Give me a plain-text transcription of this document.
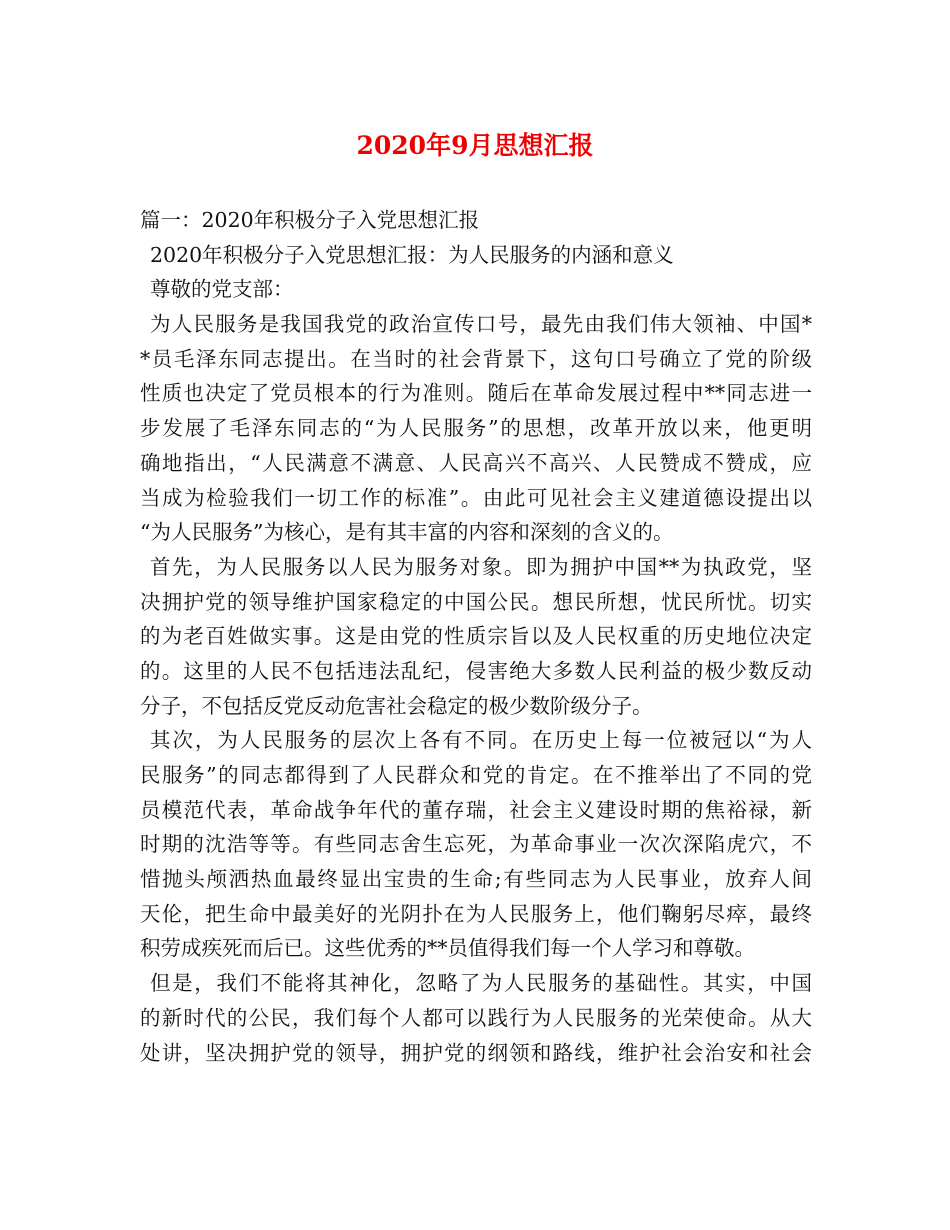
2020年9月思想汇报
篇一：2020年积极分子入党思想汇报
2020年积极分子入党思想汇报：为人民服务的内涵和意义
尊敬的党支部：
为人民服务是我国我党的政治宣传口号，最先由我们伟大领袖、中国*
*员毛泽东同志提出。在当时的社会背景下，这句口号确立了党的阶级
性质也决定了党员根本的行为准则。随后在革命发展过程中**同志进一
步发展了毛泽东同志的“为人民服务”的思想，改革开放以来，他更明
确地指出，“人民满意不满意、人民高兴不高兴、人民赞成不赞成，应
当成为检验我们一切工作的标准”。由此可见社会主义建道德设提出以
“为人民服务”为核心，是有其丰富的内容和深刻的含义的。
首先，为人民服务以人民为服务对象。即为拥护中国**为执政党，坚
决拥护党的领导维护国家稳定的中国公民。想民所想，忧民所忧。切实
的为老百姓做实事。这是由党的性质宗旨以及人民权重的历史地位决定
的。这里的人民不包括违法乱纪，侵害绝大多数人民利益的极少数反动
分子，不包括反党反动危害社会稳定的极少数阶级分子。
其次，为人民服务的层次上各有不同。在历史上每一位被冠以“为人
民服务”的同志都得到了人民群众和党的肯定。在不推举出了不同的党
员模范代表，革命战争年代的董存瑞，社会主义建设时期的焦裕禄，新
时期的沈浩等等。有些同志舍生忘死，为革命事业一次次深陷虎穴，不
惜抛头颅洒热血最终显出宝贵的生命;有些同志为人民事业，放弃人间
天伦，把生命中最美好的光阴扑在为人民服务上，他们鞠躬尽瘁，最终
积劳成疾死而后已。这些优秀的**员值得我们每一个人学习和尊敬。
但是，我们不能将其神化，忽略了为人民服务的基础性。其实，中国
的新时代的公民，我们每个人都可以践行为人民服务的光荣使命。从大
处讲，坚决拥护党的领导，拥护党的纲领和路线，维护社会治安和社会
